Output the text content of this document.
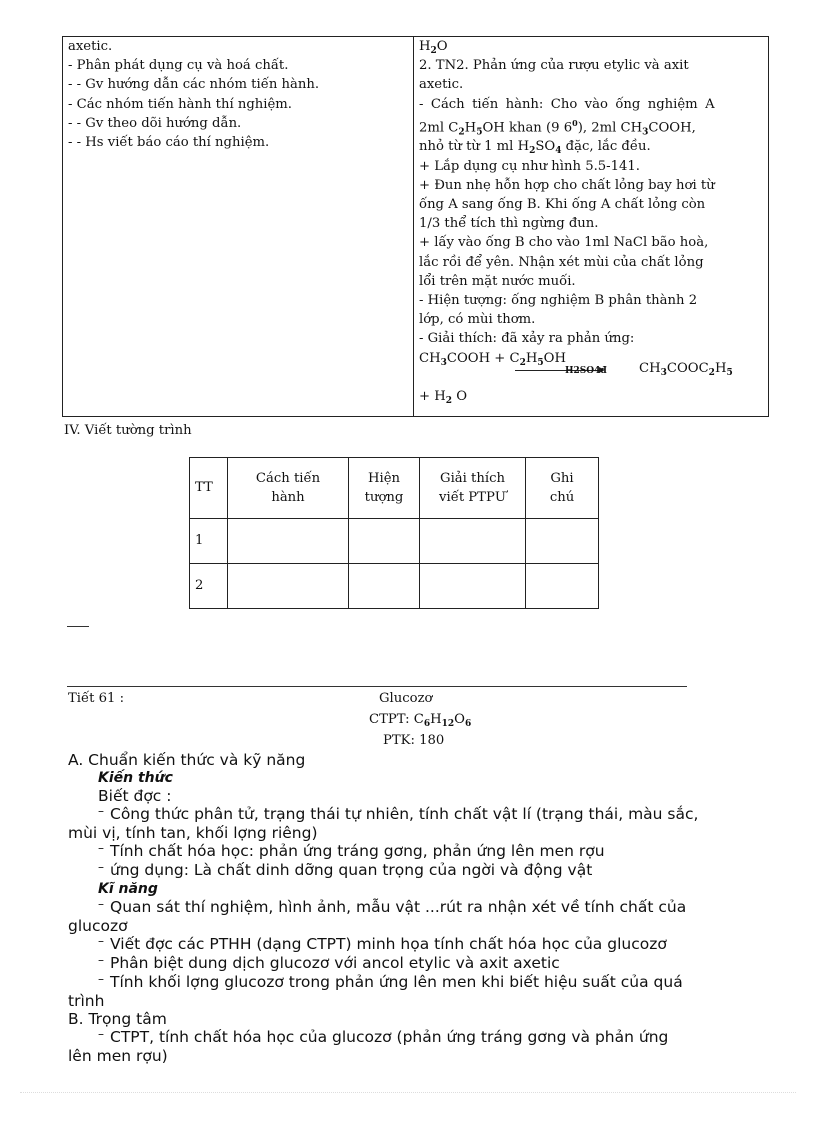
axetic.
- Phân phát dụng cụ và hoá chất.
- - Gv hướng dẫn các nhóm tiến hành.
- Các nhóm tiến hành thí nghiệm.
- - Gv theo dõi hướng dẫn.
- - Hs viết báo cáo thí nghiệm.
$H_2O$
2. TN2. Phản ứng của rượu etylic và axit
axetic.
- Cách tiến hành: Cho vào ống nghiệm A
2ml $C_2H_5OH$ khan (9 $6^0$), 2ml $CH_3COOH$,
nhỏ từ từ 1 ml $H_2SO_4$ đặc, lắc đều.
+ Lắp dụng cụ như hình 5.5-141.
+ Đun nhẹ hỗn hợp cho chất lỏng bay hơi từ
ống A sang ống B. Khi ống A chất lỏng còn
1/3 thể tích thì ngừng đun.
+ lấy vào ống B cho vào 1ml NaCl bão hoà,
lắc rồi để yên. Nhận xét mùi của chất lỏng
lổi trên mặt nước muối.
- Hiện tượng: ống nghiệm B phân thành 2
lớp, có mùi thơm.
- Giải thích: đã xảy ra phản ứng:
$CH_3COOH + C_2H_5OH$
H2SO4đ $CH_3COOC_2H_5$
+ $H_2$ O
IV. Viết tường trình
TT	Cách tiến hành	Hiện tượng	Giải thích viết PTPƯ	Ghi chú

1				
2				
Tiết 61 :	Glucozơ
CTPT: $C_6H_{12}O_6$
PTK: 180
A. Chuẩn kiến thức và kỹ năng
Kiến thức
Biết đợc :
– Công thức phân tử, trạng thái tự nhiên, tính chất vật lí (trạng thái, màu sắc,
mùi vị, tính tan, khối lợng riêng)
– Tính chất hóa học: phản ứng tráng gơng, phản ứng lên men rợu
– ứng dụng: Là chất dinh dỡng quan trọng của ngời và động vật
Kĩ năng
– Quan sát thí nghiệm, hình ảnh, mẫu vật ...rút ra nhận xét về tính chất của
glucozơ
– Viết đợc các PTHH (dạng CTPT) minh họa tính chất hóa học của glucozơ
– Phân biệt dung dịch glucozơ với ancol etylic và axit axetic
– Tính khối lợng glucozơ trong phản ứng lên men khi biết hiệu suất của quá
trình
B. Trọng tâm
– CTPT, tính chất hóa học của glucozơ (phản ứng tráng gơng và phản ứng
lên men rợu)
